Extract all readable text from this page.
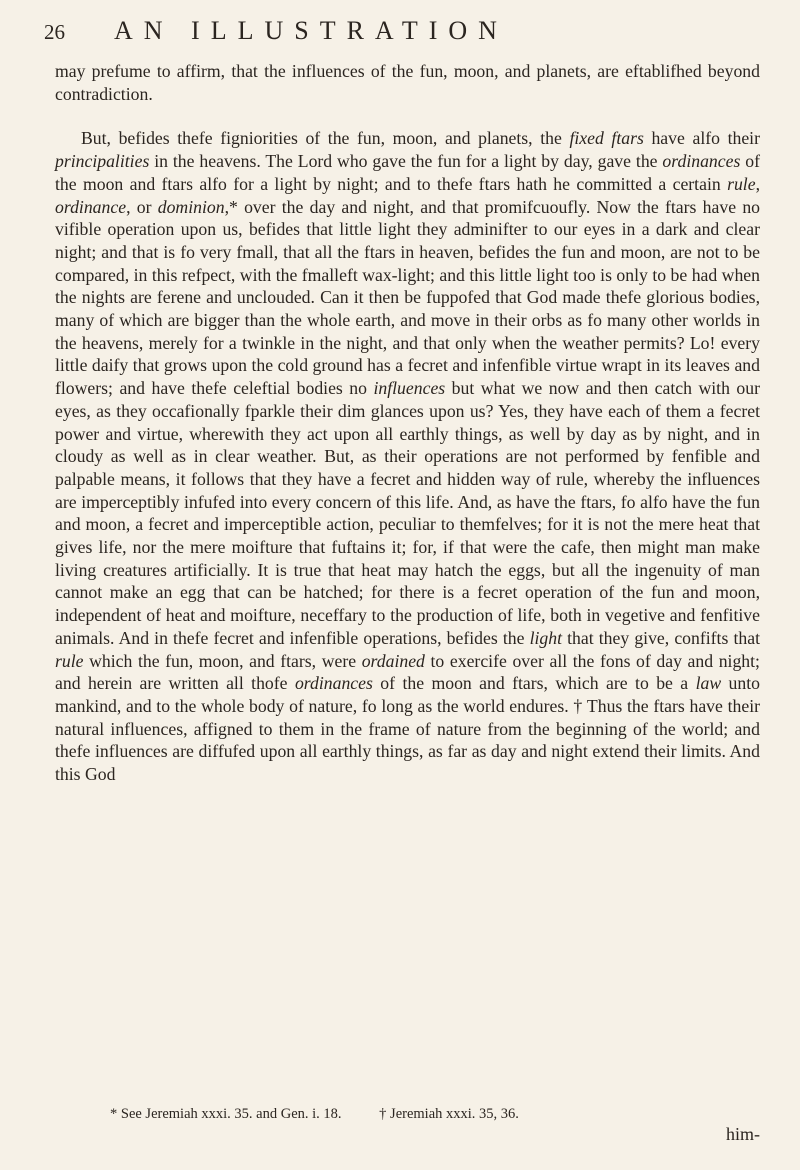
26 AN ILLUSTRATION

may prefume to affirm, that the influences of the fun, moon, and planets, are eftablifhed beyond contradiction.

But, befides thefe figniorities of the fun, moon, and planets, the fixed ftars have alfo their principalities in the heavens. The Lord who gave the fun for a light by day, gave the ordinances of the moon and ftars alfo for a light by night; and to thefe ftars hath he committed a certain rule, ordinance, or dominion,* over the day and night, and that promifcuoufly. Now the ftars have no vifible operation upon us, befides that little light they adminifter to our eyes in a dark and clear night; and that is fo very fmall, that all the ftars in heaven, befides the fun and moon, are not to be compared, in this refpect, with the fmalleft wax-light; and this little light too is only to be had when the nights are ferene and unclouded. Can it then be fuppofed that God made thefe glorious bodies, many of which are bigger than the whole earth, and move in their orbs as fo many other worlds in the heavens, merely for a twinkle in the night, and that only when the weather permits? Lo! every little daify that grows upon the cold ground has a fecret and infenfible virtue wrapt in its leaves and flowers; and have thefe celeftial bodies no influences but what we now and then catch with our eyes, as they occafionally fparkle their dim glances upon us? Yes, they have each of them a fecret power and virtue, wherewith they act upon all earthly things, as well by day as by night, and in cloudy as well as in clear weather. But, as their operations are not performed by fenfible and palpable means, it follows that they have a fecret and hidden way of rule, whereby the influences are imperceptibly infufed into every concern of this life. And, as have the ftars, fo alfo have the fun and moon, a fecret and imperceptible action, peculiar to themfelves; for it is not the mere heat that gives life, nor the mere moifture that fuftains it; for, if that were the cafe, then might man make living creatures artificially. It is true that heat may hatch the eggs, but all the ingenuity of man cannot make an egg that can be hatched; for there is a fecret operation of the fun and moon, independent of heat and moifture, neceffary to the production of life, both in vegetive and fenfitive animals. And in thefe fecret and infenfible operations, befides the light that they give, confifts that rule which the fun, moon, and ftars, were ordained to exercife over all the fons of day and night; and herein are written all thofe ordinances of the moon and ftars, which are to be a law unto mankind, and to the whole body of nature, fo long as the world endures. † Thus the ftars have their natural influences, affigned to them in the frame of nature from the beginning of the world; and thefe influences are diffufed upon all earthly things, as far as day and night extend their limits. And this God

* See Jeremiah xxxi. 35. and Gen. i. 18.	† Jeremiah xxxi. 35, 36.
him-
